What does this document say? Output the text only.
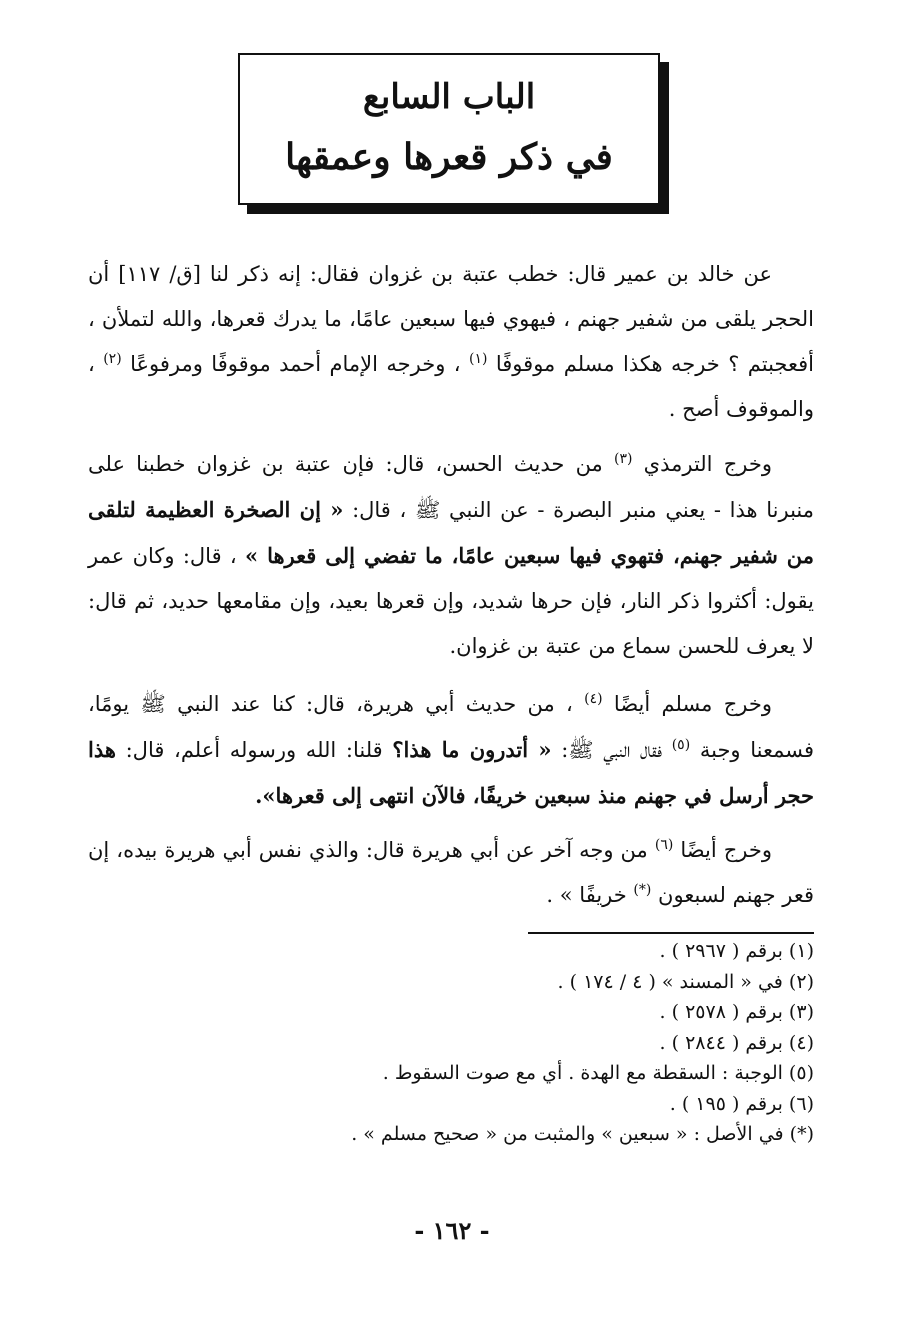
الباب السابع
في ذكر قعرها وعمقها

عن خالد بن عمير قال: خطب عتبة بن غزوان فقال: إنه ذكر لنا [ق/ ١١٧] أن الحجر يلقى من شفير جهنم ، فيهوي فيها سبعين عامًا، ما يدرك قعرها، والله لتملأن ، أفعجبتم ؟ خرجه هكذا مسلم موقوفًا $^{(١)}$ ، وخرجه الإمام أحمد موقوفًا ومرفوعًا $^{(٢)}$ ، والموقوف أصح .

وخرج الترمذي $^{(٣)}$ من حديث الحسن، قال: فإن عتبة بن غزوان خطبنا على منبرنا هذا - يعني منبر البصرة - عن النبي ﷺ ، قال: « إن الصخرة العظيمة لتلقى من شفير جهنم، فتهوي فيها سبعين عامًا، ما تفضي إلى قعرها » ، قال: وكان عمر يقول: أكثروا ذكر النار، فإن حرها شديد، وإن قعرها بعيد، وإن مقامعها حديد، ثم قال: لا يعرف للحسن سماع من عتبة بن غزوان.

وخرج مسلم أيضًا $^{(٤)}$ ، من حديث أبي هريرة، قال: كنا عند النبي ﷺ يومًا، فسمعنا وجبة $^{(٥)}$ فقال النبي ﷺ: « أتدرون ما هذا؟ قلنا: الله ورسوله أعلم، قال: هذا حجر أرسل في جهنم منذ سبعين خريفًا، فالآن انتهى إلى قعرها».

وخرج أيضًا $^{(٦)}$ من وجه آخر عن أبي هريرة قال: والذي نفس أبي هريرة بيده، إن قعر جهنم لسبعون (*) خريفًا » .

(١) برقم ( ٢٩٦٧ ) .
(٢) في « المسند » ( ٤ / ١٧٤ ) .
(٣) برقم ( ٢٥٧٨ ) .
(٤) برقم ( ٢٨٤٤ ) .
(٥) الوجبة : السقطة مع الهدة . أي مع صوت السقوط .
(٦) برقم ( ١٩٥ ) .
(*) في الأصل : « سبعين » والمثبت من « صحيح مسلم » .
- ١٦٢ -
